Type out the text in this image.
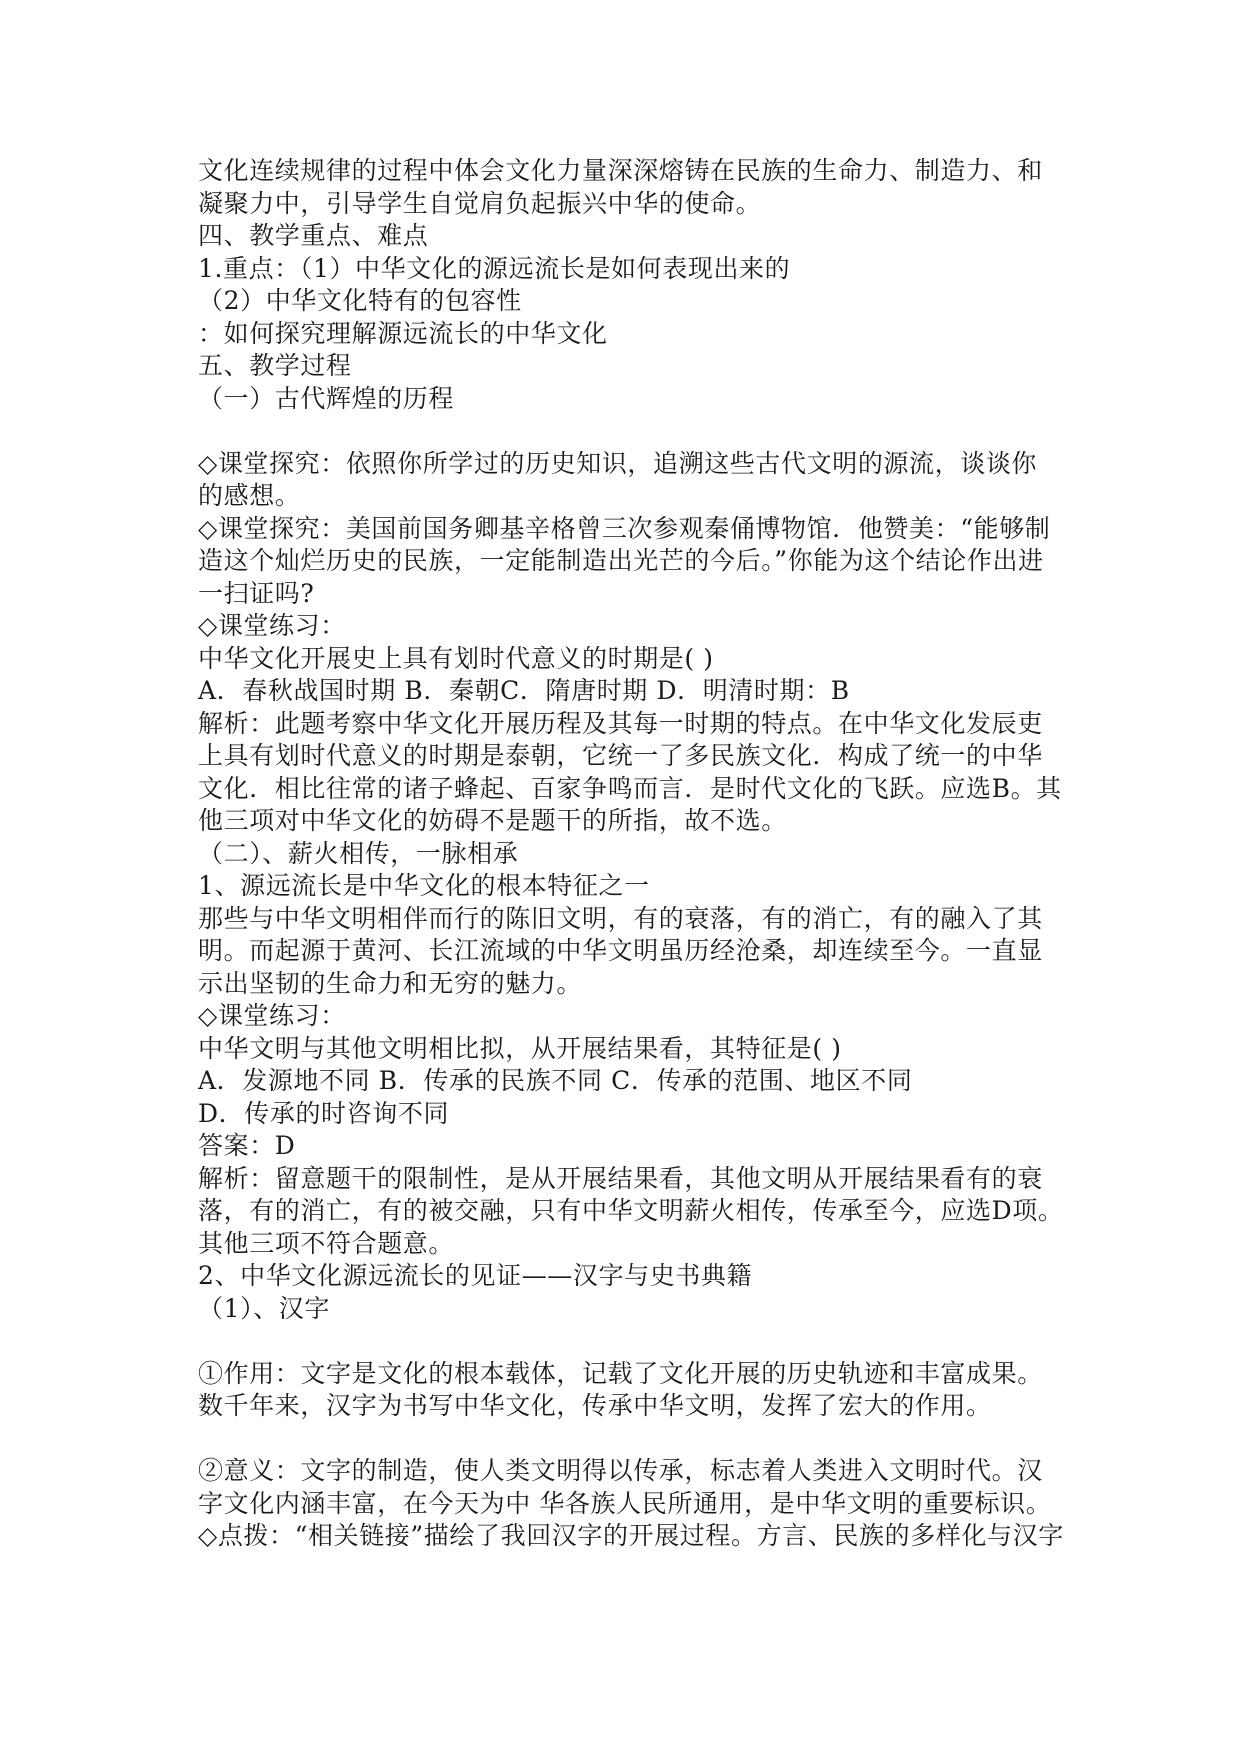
文化连续规律的过程中体会文化力量深深熔铸在民族的生命力、制造力、和
凝聚力中，引导学生自觉肩负起振兴中华的使命。
四、教学重点、难点
1.重点：（1）中华文化的源远流长是如何表现出来的
（2）中华文化特有的包容性
：如何探究理解源远流长的中华文化
五、教学过程
（一）古代辉煌的历程
◇课堂探究：依照你所学过的历史知识，追溯这些古代文明的源流，谈谈你
的感想。
◇课堂探究：美国前国务卿基辛格曾三次参观秦俑博物馆．他赞美：“能够制
造这个灿烂历史的民族，一定能制造出光芒的今后。”你能为这个结论作出进
一扫证吗?
◇课堂练习：
中华文化开展史上具有划时代意义的时期是( )
A．春秋战国时期 B．秦朝C．隋唐时期 D．明清时期：B
解析：此题考察中华文化开展历程及其每一时期的特点。在中华文化发辰吏
上具有划时代意义的时期是泰朝，它统一了多民族文化．构成了统一的中华
文化．相比往常的诸子蜂起、百家争鸣而言．是时代文化的飞跃。应选B。其
他三项对中华文化的妨碍不是题干的所指，故不选。
（二）、薪火相传，一脉相承
1、源远流长是中华文化的根本特征之一
那些与中华文明相伴而行的陈旧文明，有的衰落，有的消亡，有的融入了其
明。而起源于黄河、长江流域的中华文明虽历经沧桑，却连续至今。一直显
示出坚韧的生命力和无穷的魅力。
◇课堂练习：
中华文明与其他文明相比拟，从开展结果看，其特征是( )
A．发源地不同 B．传承的民族不同 C．传承的范围、地区不同
D．传承的时咨询不同
答案：D
解析：留意题干的限制性，是从开展结果看，其他文明从开展结果看有的衰
落，有的消亡，有的被交融，只有中华文明薪火相传，传承至今，应选D项。
其他三项不符合题意。
2、中华文化源远流长的见证——汉字与史书典籍
（1）、汉字
①作用：文字是文化的根本载体，记载了文化开展的历史轨迹和丰富成果。
数千年来，汉字为书写中华文化，传承中华文明，发挥了宏大的作用。
②意义：文字的制造，使人类文明得以传承，标志着人类进入文明时代。汉
字文化内涵丰富，在今天为中 华各族人民所通用，是中华文明的重要标识。
◇点拨：“相关链接”描绘了我回汉字的开展过程。方言、民族的多样化与汉字
